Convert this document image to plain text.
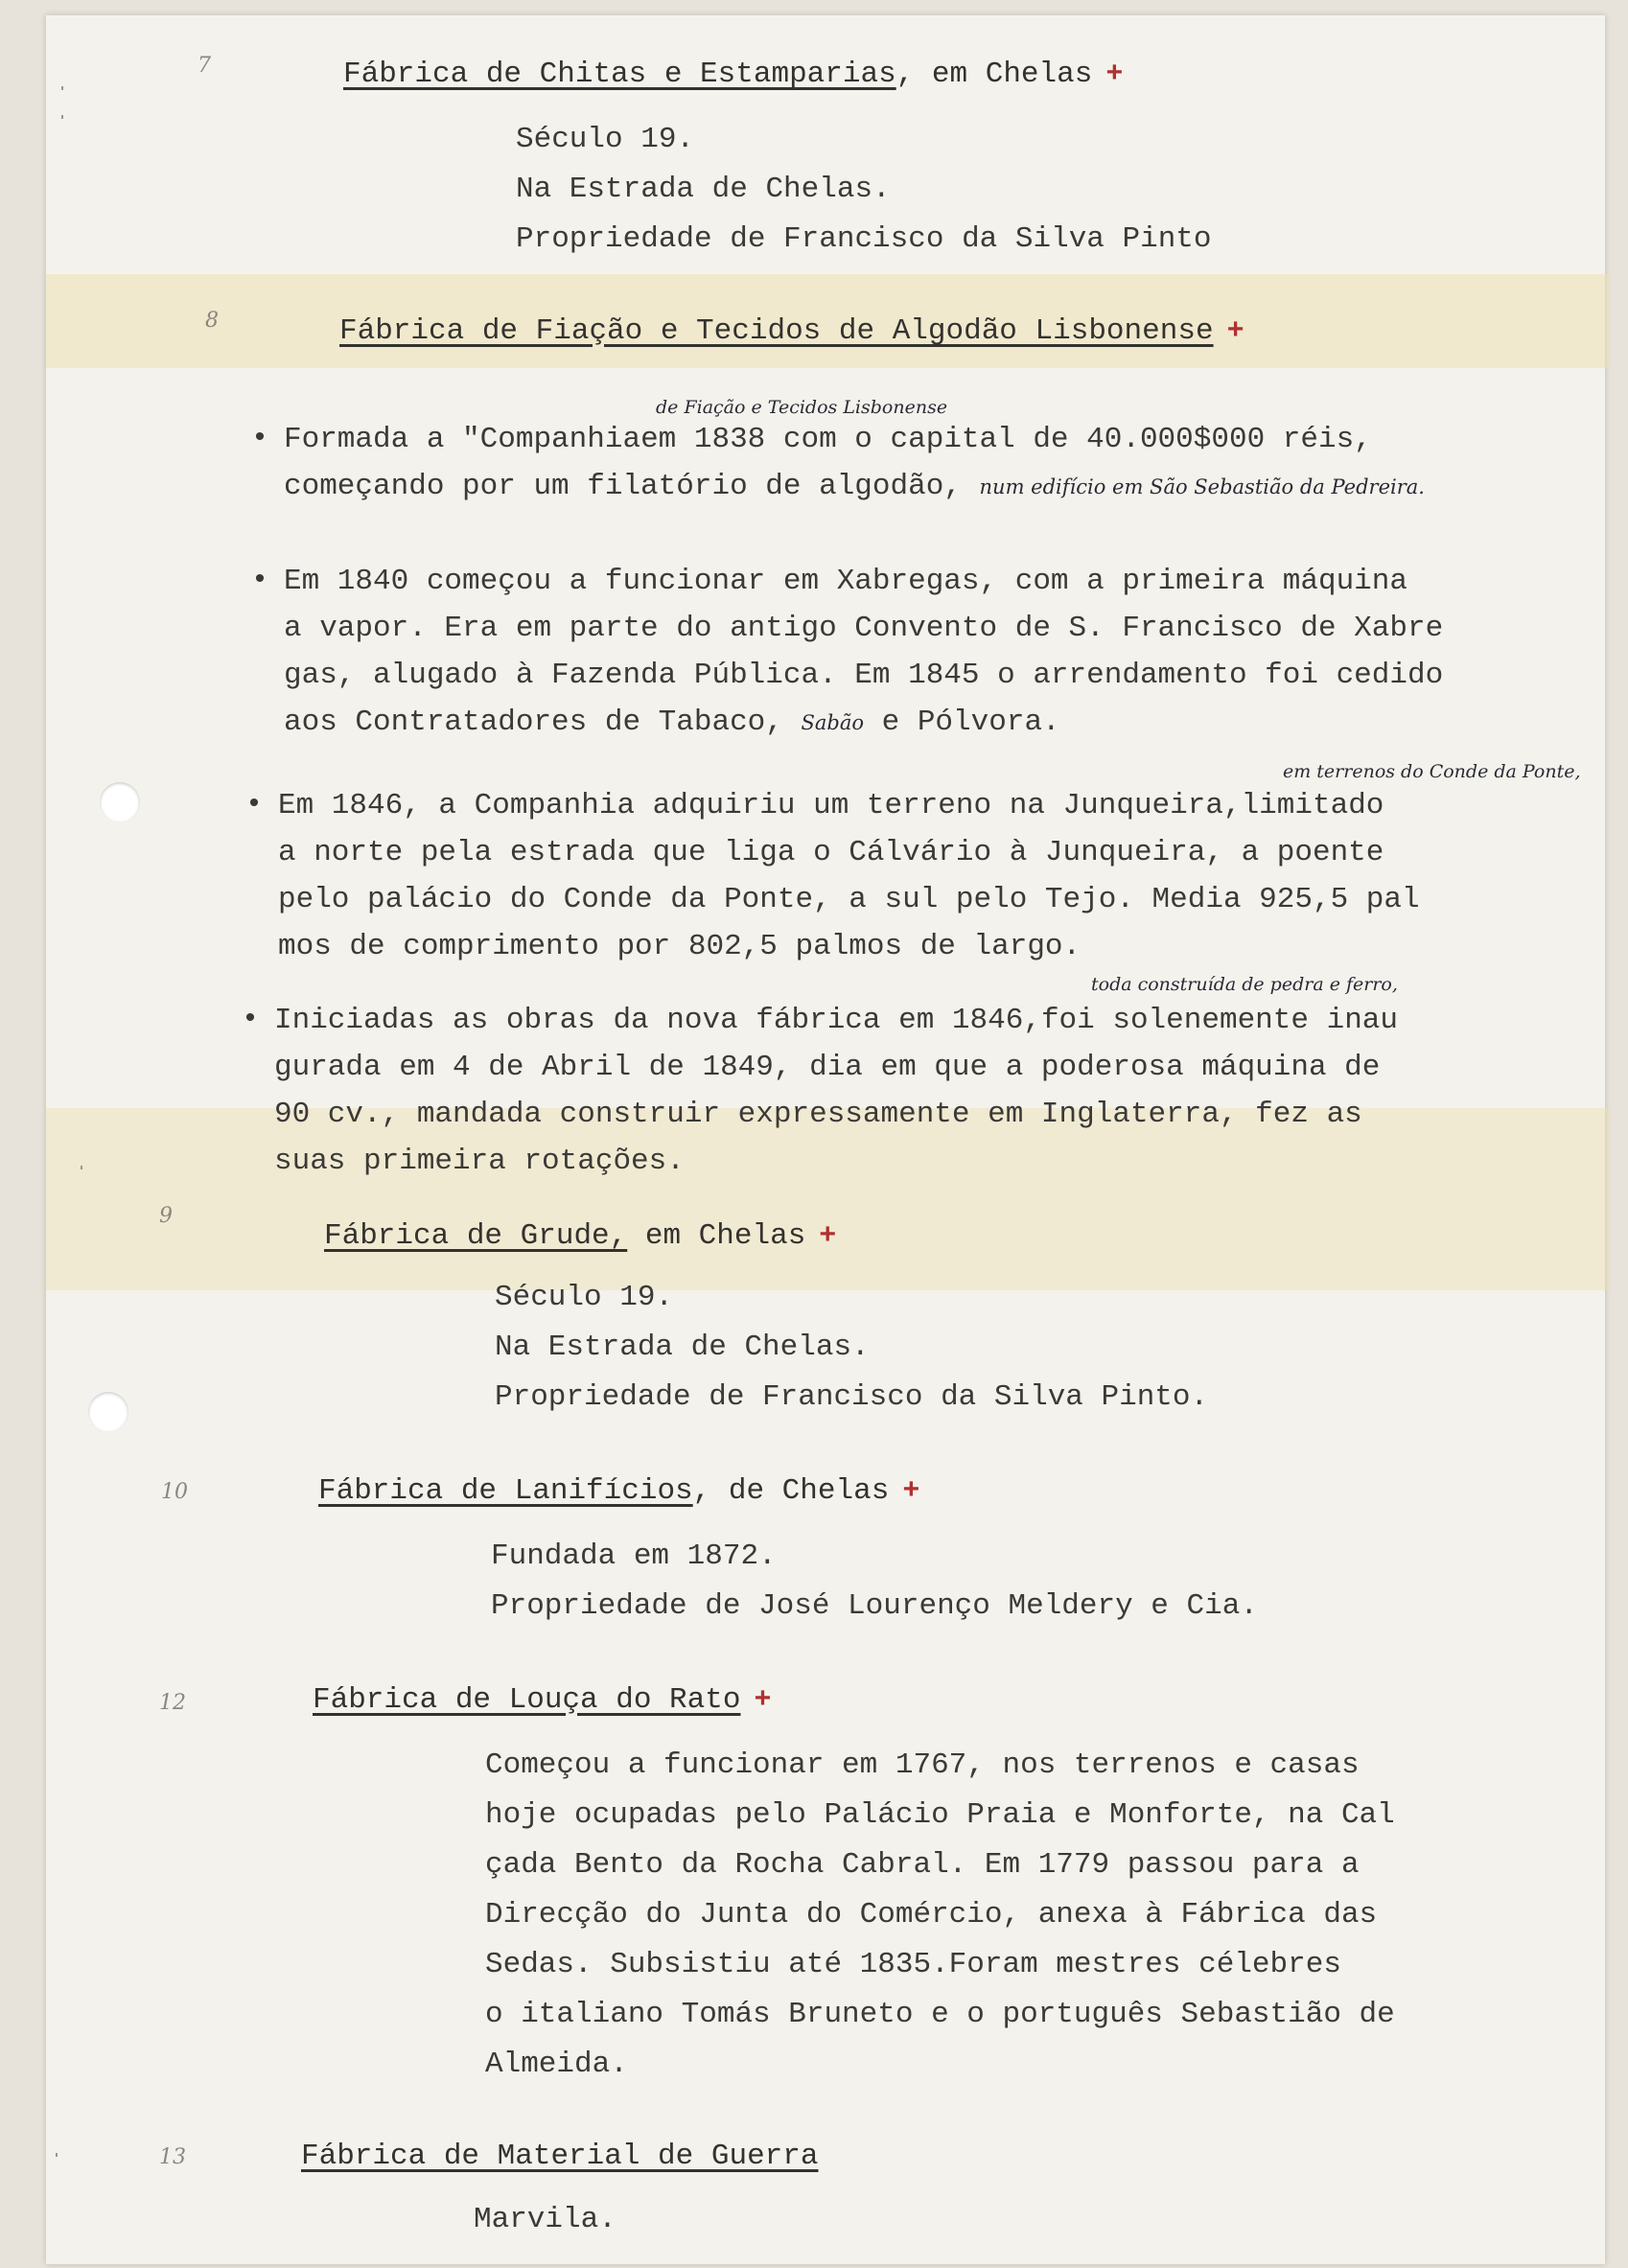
7	Fábrica de Chitas e Estamparias, em Chelas +
Século 19.
Na Estrada de Chelas.
Propriedade de Francisco da Silva Pinto
8	Fábrica de Fiação e Tecidos de Algodão Lisbonense +
de Fiação e Tecidos Lisbonense
• Formada a "Companhiaem 1838 com o capital de 40.000$000 réis,
começando por um filatório de algodão, num edifício em São Sebastião da Pedreira.
• Em 1840 começou a funcionar em Xabregas, com a primeira máquina
a vapor. Era em parte do antigo Convento de S. Francisco de Xabre
gas, alugado à Fazenda Pública. Em 1845 o arrendamento foi cedido
aos Contratadores de Tabaco, Sabão e Pólvora.
em terrenos do Conde da Ponte,
• Em 1846, a Companhia adquiriu um terreno na Junqueira,limitado
a norte pela estrada que liga o Cálvário à Junqueira, a poente
pelo palácio do Conde da Ponte, a sul pelo Tejo. Media 925,5 pal
mos de comprimento por 802,5 palmos de largo.
toda construída de pedra e ferro,
• Iniciadas as obras da nova fábrica em 1846,foi solenemente inau
gurada em 4 de Abril de 1849, dia em que a poderosa máquina de
90 cv., mandada construir expressamente em Inglaterra, fez as
suas primeira rotações.
9
Fábrica de Grude, em Chelas +
Século 19.
Na Estrada de Chelas.
Propriedade de Francisco da Silva Pinto.
10	Fábrica de Lanifícios, de Chelas +
Fundada em 1872.
Propriedade de José Lourenço Meldery e Cia.
12	Fábrica de Louça do Rato +
Começou a funcionar em 1767, nos terrenos e casas
hoje ocupadas pelo Palácio Praia e Monforte, na Cal
çada Bento da Rocha Cabral. Em 1779 passou para a
Direcção do Junta do Comércio, anexa à Fábrica das
Sedas. Subsistiu até 1835.Foram mestres célebres
o italiano Tomás Bruneto e o português Sebastião de
Almeida.
13	Fábrica de Material de Guerra
Marvila.
